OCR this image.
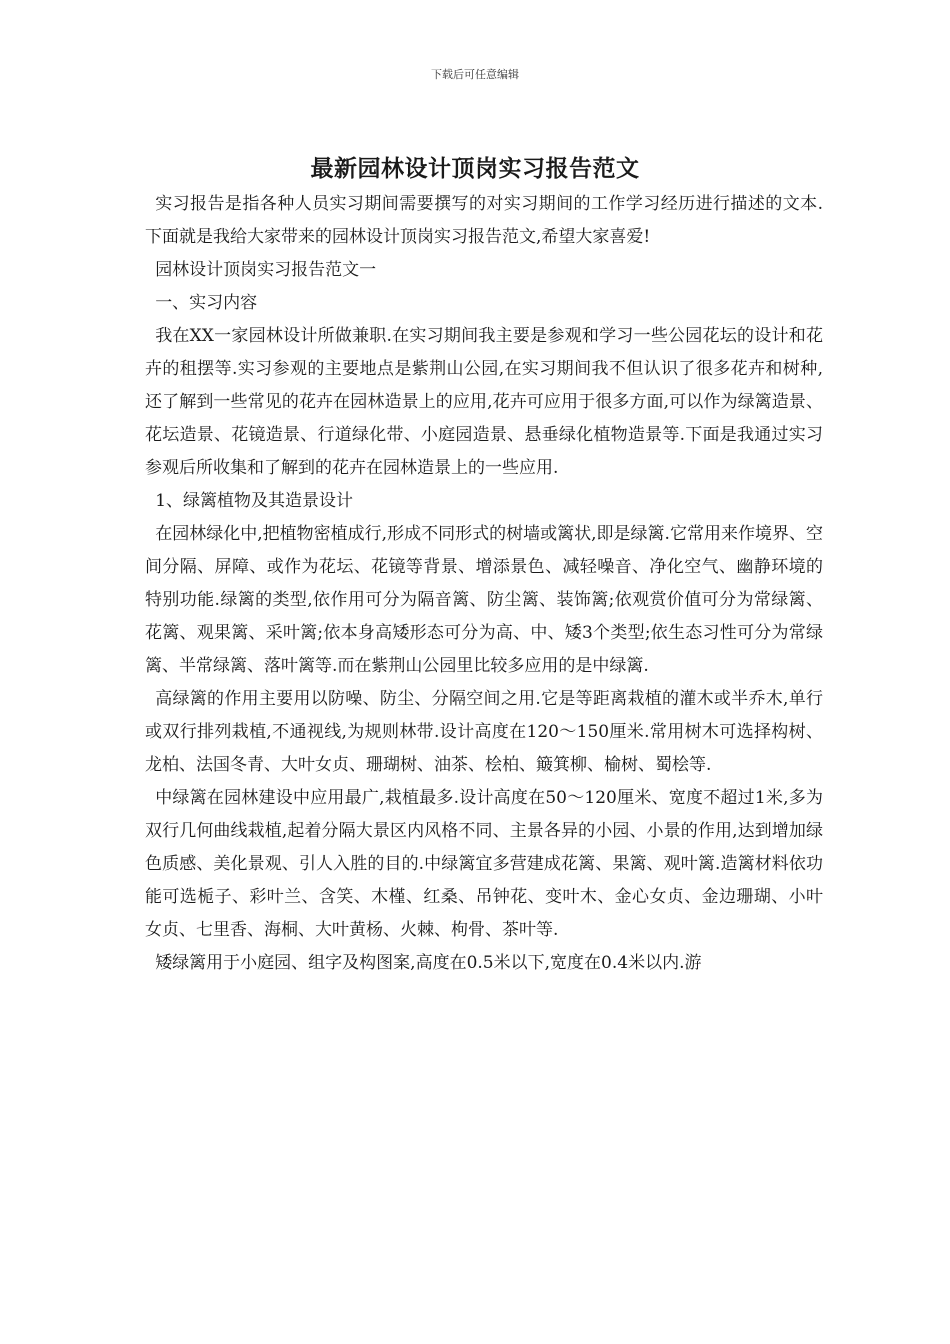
下载后可任意编辑
最新园林设计顶岗实习报告范文

实习报告是指各种人员实习期间需要撰写的对实习期间的工作学习经历进行描述的文本.下面就是我给大家带来的园林设计顶岗实习报告范文,希望大家喜爱!

园林设计顶岗实习报告范文一

一、实习内容

我在XX一家园林设计所做兼职.在实习期间我主要是参观和学习一些公园花坛的设计和花卉的租摆等.实习参观的主要地点是紫荆山公园,在实习期间我不但认识了很多花卉和树种,还了解到一些常见的花卉在园林造景上的应用,花卉可应用于很多方面,可以作为绿篱造景、花坛造景、花镜造景、行道绿化带、小庭园造景、悬垂绿化植物造景等.下面是我通过实习参观后所收集和了解到的花卉在园林造景上的一些应用.

1、绿篱植物及其造景设计

在园林绿化中,把植物密植成行,形成不同形式的树墙或篱状,即是绿篱.它常用来作境界、空间分隔、屏障、或作为花坛、花镜等背景、增添景色、减轻噪音、净化空气、幽静环境的特别功能.绿篱的类型,依作用可分为隔音篱、防尘篱、装饰篱;依观赏价值可分为常绿篱、花篱、观果篱、采叶篱;依本身高矮形态可分为高、中、矮3个类型;依生态习性可分为常绿篱、半常绿篱、落叶篱等.而在紫荆山公园里比较多应用的是中绿篱.

高绿篱的作用主要用以防噪、防尘、分隔空间之用.它是等距离栽植的灌木或半乔木,单行或双行排列栽植,不通视线,为规则林带.设计高度在120～150厘米.常用树木可选择构树、龙柏、法国冬青、大叶女贞、珊瑚树、油茶、桧柏、簸箕柳、榆树、蜀桧等.

中绿篱在园林建设中应用最广,栽植最多.设计高度在50～120厘米、宽度不超过1米,多为双行几何曲线栽植,起着分隔大景区内风格不同、主景各异的小园、小景的作用,达到增加绿色质感、美化景观、引人入胜的目的.中绿篱宜多营建成花篱、果篱、观叶篱.造篱材料依功能可选栀子、彩叶兰、含笑、木槿、红桑、吊钟花、变叶木、金心女贞、金边珊瑚、小叶女贞、七里香、海桐、大叶黄杨、火棘、枸骨、茶叶等.

矮绿篱用于小庭园、组字及构图案,高度在0.5米以下,宽度在0.4米以内.游
